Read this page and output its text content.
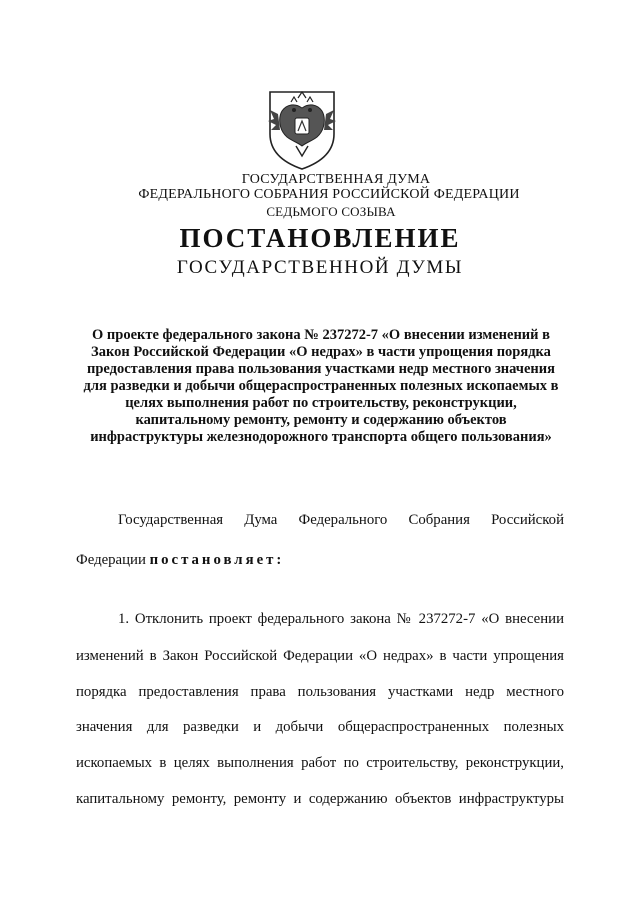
ГОСУДАРСТВЕННАЯ ДУМА
ФЕДЕРАЛЬНОГО СОБРАНИЯ РОССИЙСКОЙ ФЕДЕРАЦИИ
СЕДЬМОГО СОЗЫВА
ПОСТАНОВЛЕНИЕ
ГОСУДАРСТВЕННОЙ ДУМЫ
О проекте федерального закона № 237272-7 «О внесении изменений в
Закон Российской Федерации «О недрах» в части упрощения порядка
предоставления права пользования участками недр местного значения
для разведки и добычи общераспространенных полезных ископаемых в
целях выполнения работ по строительству, реконструкции,
капитальному ремонту, ремонту и содержанию объектов
инфраструктуры железнодорожного транспорта общего пользования»
Государственная Дума Федерального Собрания Российской
Федерации постановляет:
1. Отклонить проект федерального закона № 237272-7 «О внесении
изменений в Закон Российской Федерации «О недрах» в части упрощения
порядка предоставления права пользования участками недр местного
значения для разведки и добычи общераспространенных полезных
ископаемых в целях выполнения работ по строительству, реконструкции,
капитальному ремонту, ремонту и содержанию объектов инфраструктуры
